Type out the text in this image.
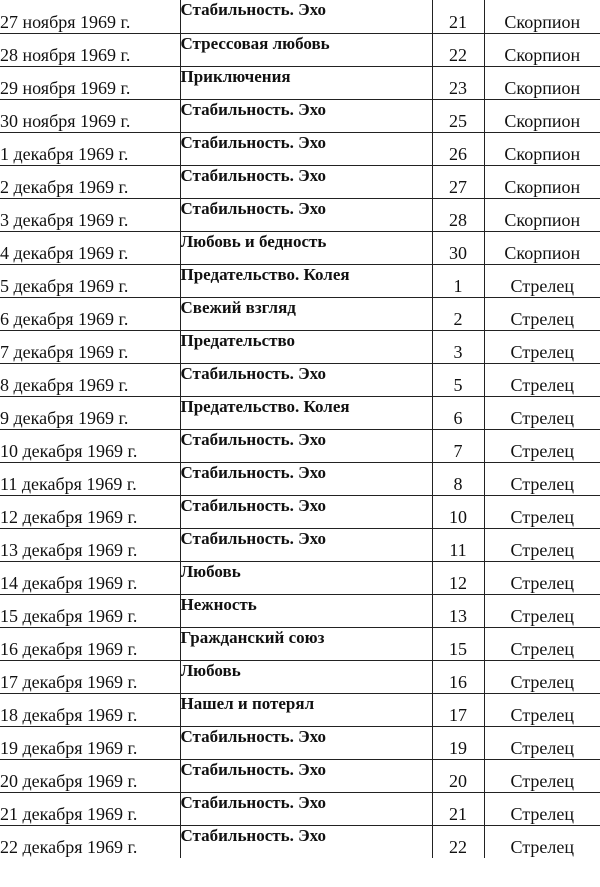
27 ноября 1969 г.	Стабильность. Эхо	21	Скорпион
28 ноября 1969 г.	Стрессовая любовь	22	Скорпион
29 ноября 1969 г.	Приключения	23	Скорпион
30 ноября 1969 г.	Стабильность. Эхо	25	Скорпион
1 декабря 1969 г.	Стабильность. Эхо	26	Скорпион
2 декабря 1969 г.	Стабильность. Эхо	27	Скорпион
3 декабря 1969 г.	Стабильность. Эхо	28	Скорпион
4 декабря 1969 г.	Любовь и бедность	30	Скорпион
5 декабря 1969 г.	Предательство. Колея	1	Стрелец
6 декабря 1969 г.	Свежий взгляд	2	Стрелец
7 декабря 1969 г.	Предательство	3	Стрелец
8 декабря 1969 г.	Стабильность. Эхо	5	Стрелец
9 декабря 1969 г.	Предательство. Колея	6	Стрелец
10 декабря 1969 г.	Стабильность. Эхо	7	Стрелец
11 декабря 1969 г.	Стабильность. Эхо	8	Стрелец
12 декабря 1969 г.	Стабильность. Эхо	10	Стрелец
13 декабря 1969 г.	Стабильность. Эхо	11	Стрелец
14 декабря 1969 г.	Любовь	12	Стрелец
15 декабря 1969 г.	Нежность	13	Стрелец
16 декабря 1969 г.	Гражданский союз	15	Стрелец
17 декабря 1969 г.	Любовь	16	Стрелец
18 декабря 1969 г.	Нашел и потерял	17	Стрелец
19 декабря 1969 г.	Стабильность. Эхо	19	Стрелец
20 декабря 1969 г.	Стабильность. Эхо	20	Стрелец
21 декабря 1969 г.	Стабильность. Эхо	21	Стрелец
22 декабря 1969 г.	Стабильность. Эхо	22	Стрелец
